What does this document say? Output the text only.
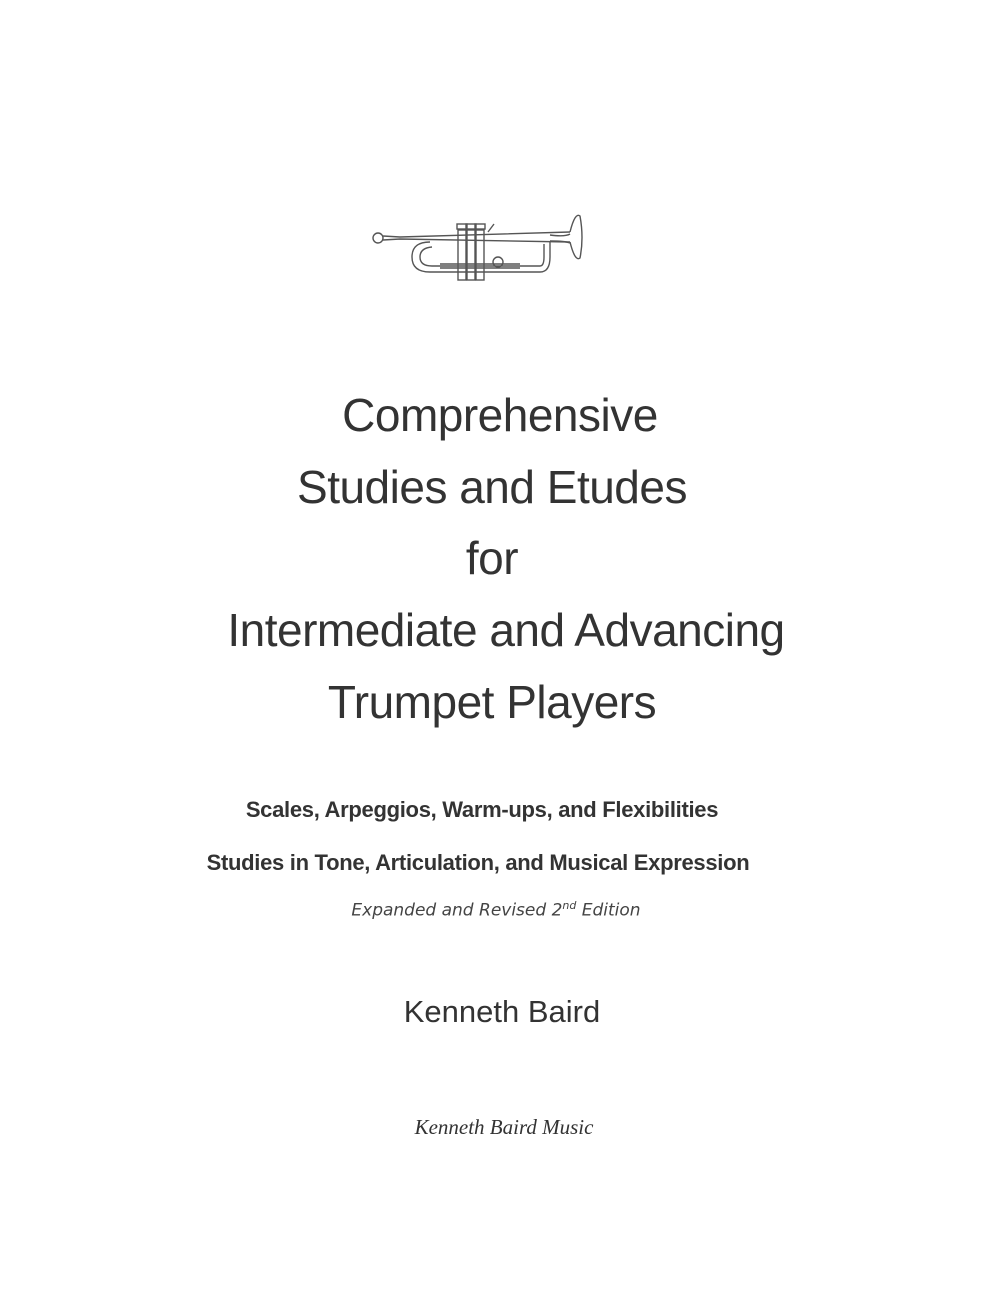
Comprehensive
Studies and Etudes
for
Intermediate and Advancing
Trumpet Players
Scales, Arpeggios, Warm-ups, and Flexibilities
Studies in Tone, Articulation, and Musical Expression
Expanded and Revised 2nd Edition
Kenneth Baird
Kenneth Baird Music
